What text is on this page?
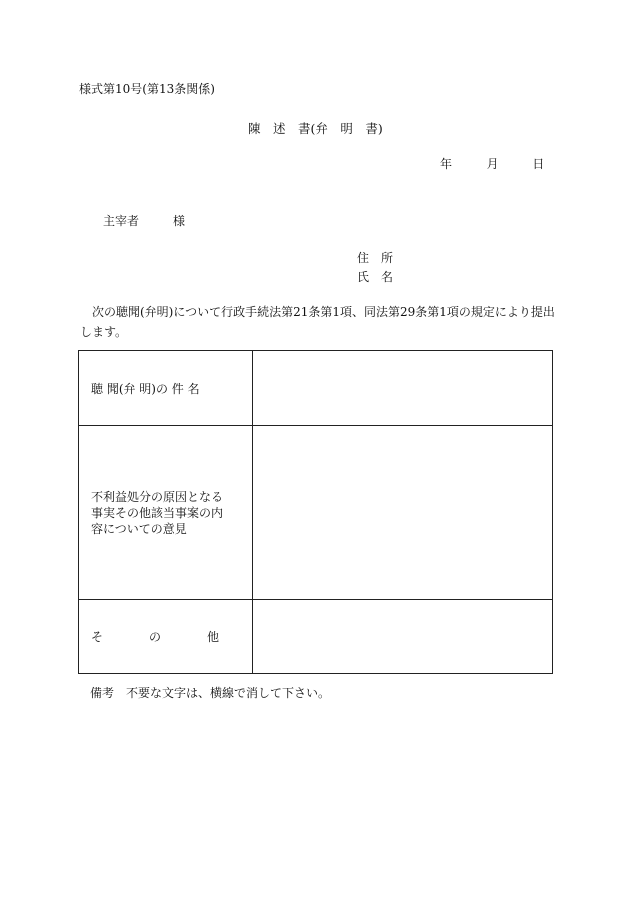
様式第10号(第13条関係)
陳　述　書(弁　明　書)
年	月	日
主宰者	様
住　所
氏　名
次の聴聞(弁明)について行政手続法第21条第1項、同法第29条第1項の規定により提出します。
聴 聞(弁 明)の 件 名	

不利益処分の原因となる事実その他該当事案の内容についての意見	

そ の 他	

備考　不要な文字は、横線で消して下さい。
